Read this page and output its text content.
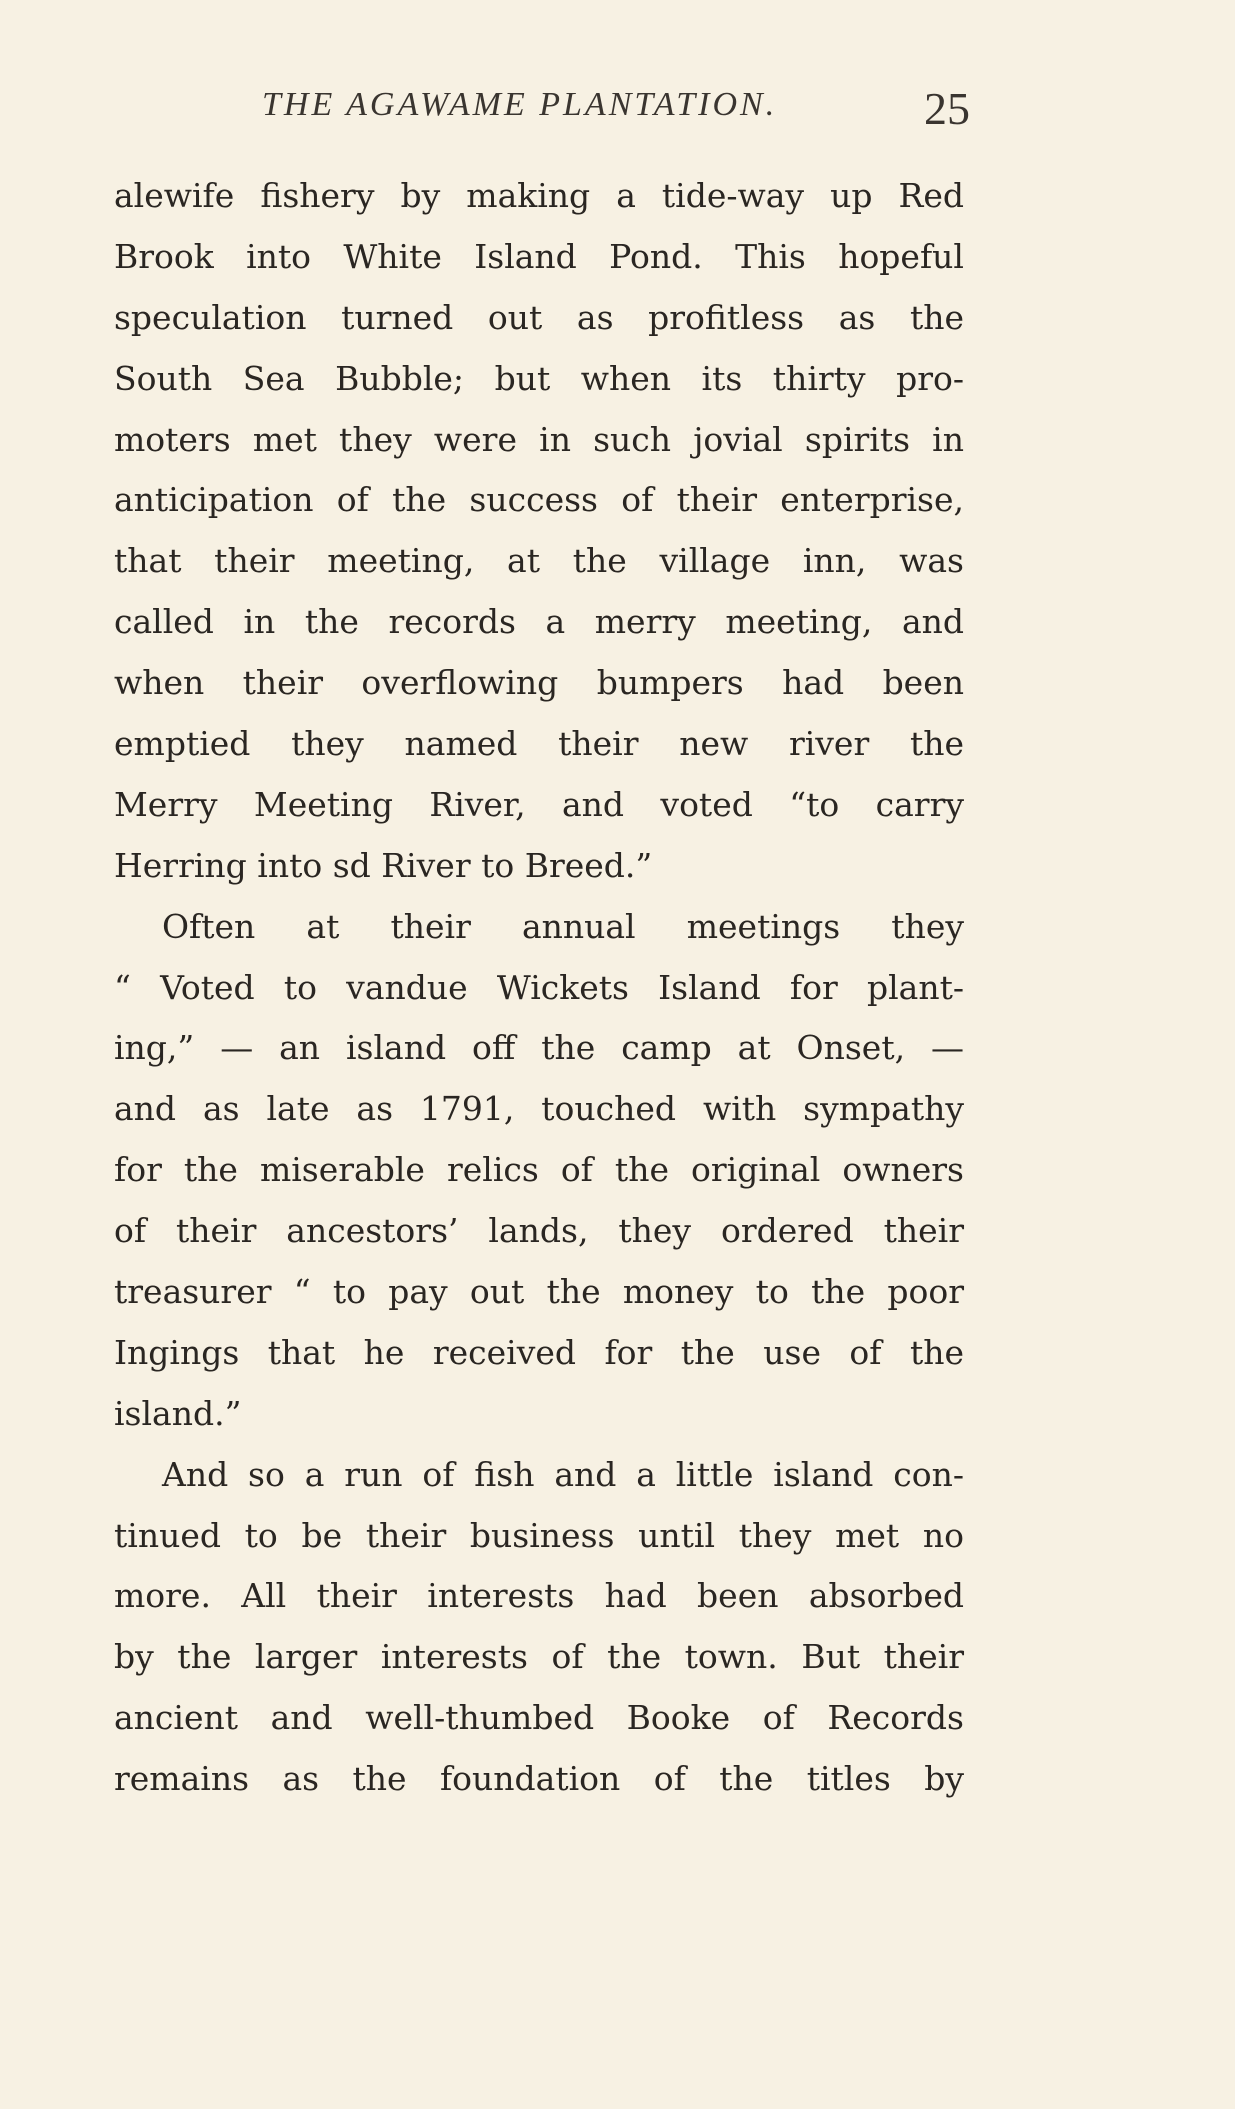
THE AGAWAME PLANTATION.	25
alewife fishery by making a tide-way up Red
Brook into White Island Pond. This hopeful
speculation turned out as profitless as the
South Sea Bubble; but when its thirty pro-
moters met they were in such jovial spirits in
anticipation of the success of their enterprise,
that their meeting, at the village inn, was
called in the records a merry meeting, and
when their overflowing bumpers had been
emptied they named their new river the
Merry Meeting River, and voted “to carry
Herring into sd River to Breed.”
Often at their annual meetings they
“ Voted to vandue Wickets Island for plant-
ing,” — an island off the camp at Onset, —
and as late as 1791, touched with sympathy
for the miserable relics of the original owners
of their ancestors’ lands, they ordered their
treasurer “ to pay out the money to the poor
Ingings that he received for the use of the
island.”
And so a run of fish and a little island con-
tinued to be their business until they met no
more. All their interests had been absorbed
by the larger interests of the town. But their
ancient and well-thumbed Booke of Records
remains as the foundation of the titles by
